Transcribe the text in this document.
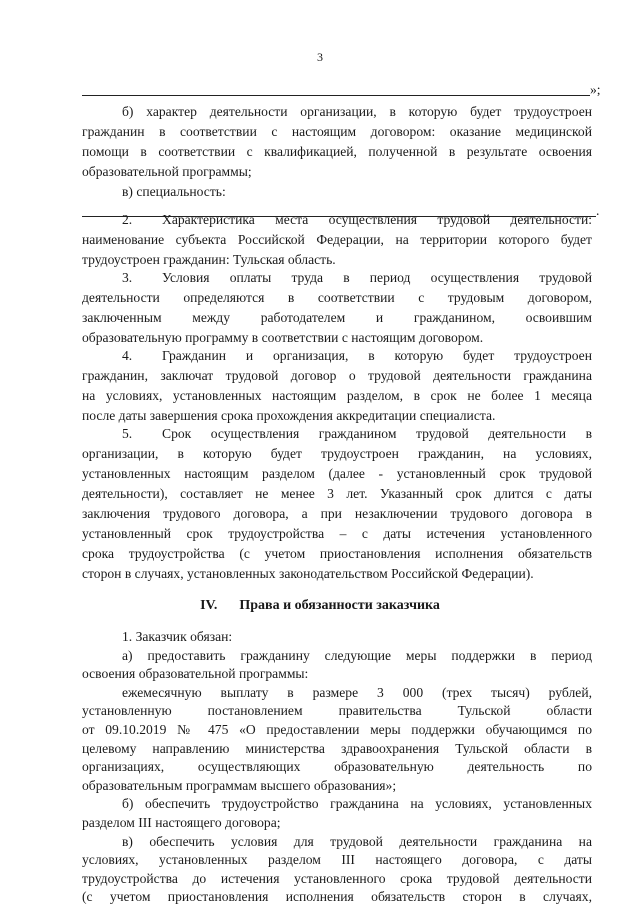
3
»;
б) характер деятельности организации, в которую будет трудоустроен
гражданин в соответствии с настоящим договором: оказание медицинской
помощи в соответствии с квалификацией, полученной в результате освоения
образовательной программы;
в) специальность:
.
2. Характеристика места осуществления трудовой деятельности:
наименование субъекта Российской Федерации, на территории которого будет
трудоустроен гражданин: Тульская область.
3. Условия оплаты труда в период осуществления трудовой
деятельности определяются в соответствии с трудовым договором,
заключенным между работодателем и гражданином, освоившим
образовательную программу в соответствии с настоящим договором.
4. Гражданин и организация, в которую будет трудоустроен
гражданин, заключат трудовой договор о трудовой деятельности гражданина
на условиях, установленных настоящим разделом, в срок не более 1 месяца
после даты завершения срока прохождения аккредитации специалиста.
5. Срок осуществления гражданином трудовой деятельности в
организации, в которую будет трудоустроен гражданин, на условиях,
установленных настоящим разделом (далее - установленный срок трудовой
деятельности), составляет не менее 3 лет. Указанный срок длится с даты
заключения трудового договора, а при незаключении трудового договора в
установленный срок трудоустройства – с даты истечения установленного
IV. Права и обязанности заказчика
1. Заказчик обязан:
а) предоставить гражданину следующие меры поддержки в период
освоения образовательной программы:
ежемесячную выплату в размере 3 000 (трех тысяч) рублей,
установленную постановлением правительства Тульской области
от 09.10.2019 № 475 «О предоставлении меры поддержки обучающимся по
целевому направлению министерства здравоохранения Тульской области в
организациях, осуществляющих образовательную деятельность по
образовательным программам высшего образования»;
б) обеспечить трудоустройство гражданина на условиях, установленных
разделом III настоящего договора;
в) обеспечить условия для трудовой деятельности гражданина на
условиях, установленных разделом III настоящего договора, с даты
трудоустройства до истечения установленного срока трудовой деятельности
(с учетом приостановления исполнения обязательств сторон в случаях,
срока трудоустройства (с учетом приостановления исполнения обязательств
сторон в случаях, установленных законодательством Российской Федерации).
